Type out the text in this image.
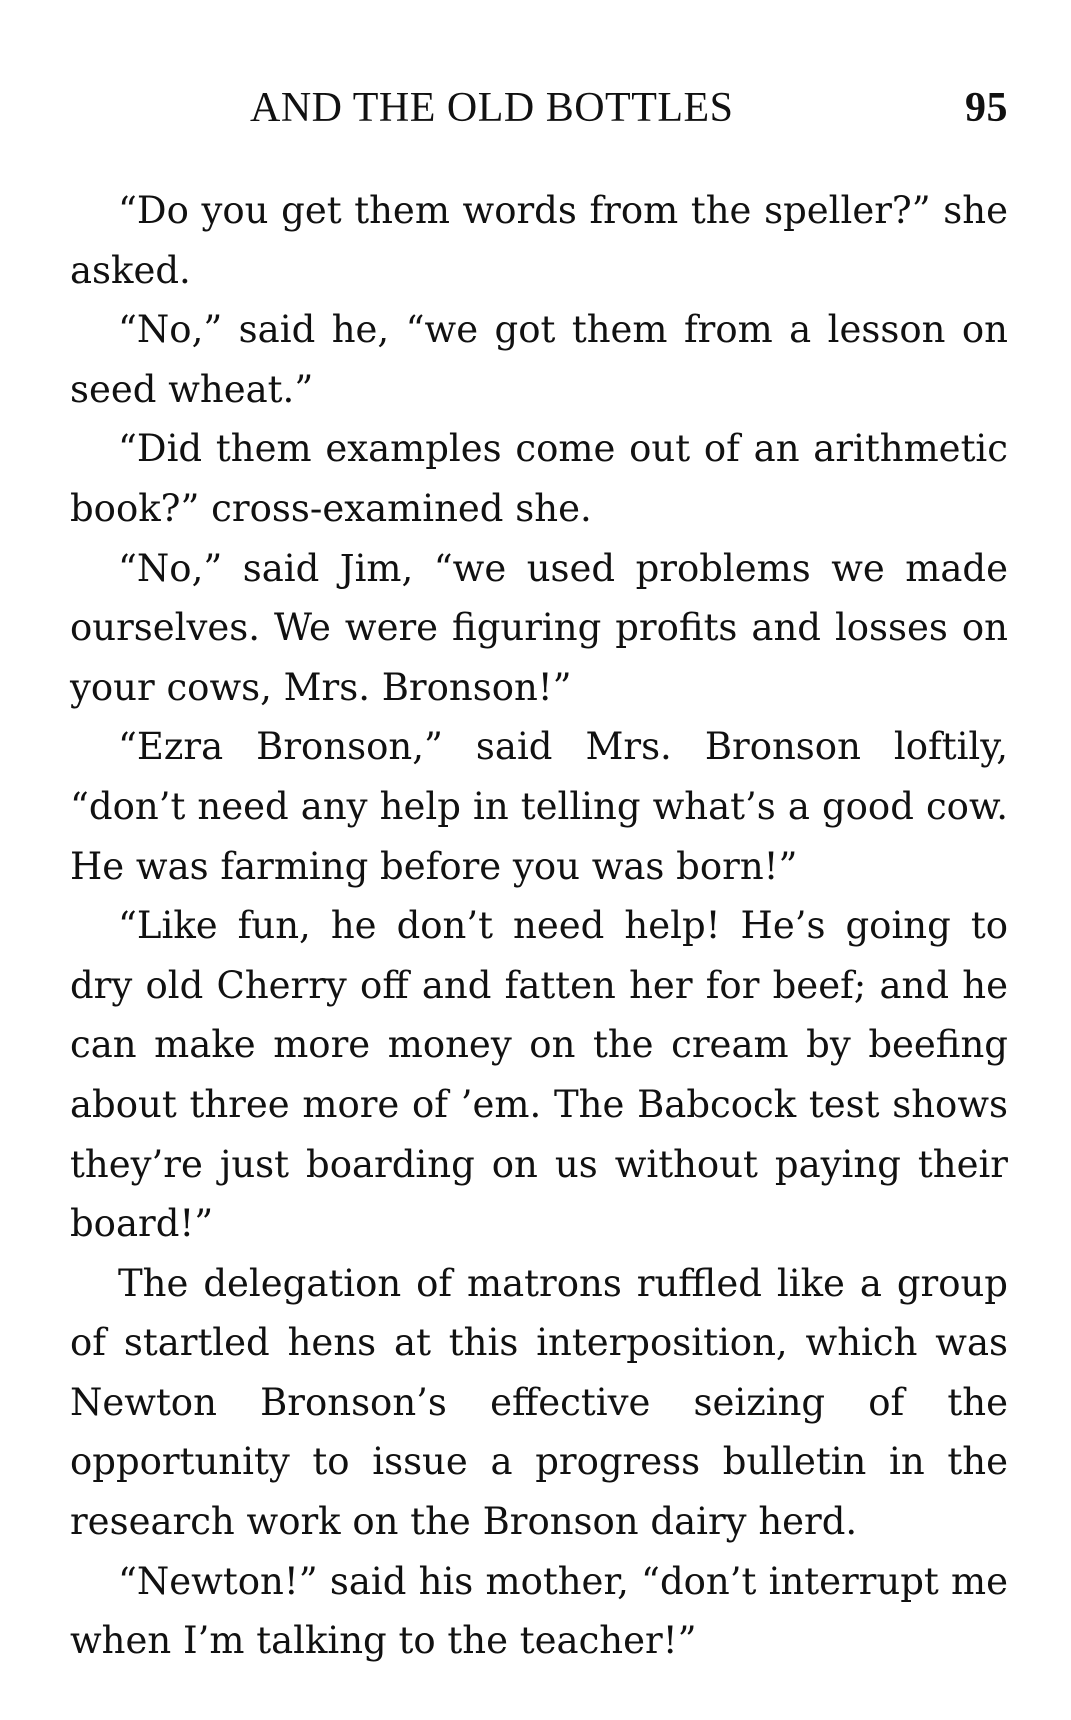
AND THE OLD BOTTLES	95

“Do you get them words from the speller?” she asked.

“No,” said he, “we got them from a lesson on seed wheat.”

“Did them examples come out of an arithmetic book?” cross-examined she.

“No,” said Jim, “we used problems we made ourselves. We were figuring profits and losses on your cows, Mrs. Bronson!”

“Ezra Bronson,” said Mrs. Bronson loftily, “don’t need any help in telling what’s a good cow. He was farming before you was born!”

“Like fun, he don’t need help! He’s going to dry old Cherry off and fatten her for beef; and he can make more money on the cream by beefing about three more of ’em. The Babcock test shows they’re just boarding on us without paying their board!”

The delegation of matrons ruffled like a group of startled hens at this interposition, which was Newton Bronson’s effective seizing of the opportunity to issue a progress bulletin in the research work on the Bronson dairy herd.

“Newton!” said his mother, “don’t interrupt me when I’m talking to the teacher!”
